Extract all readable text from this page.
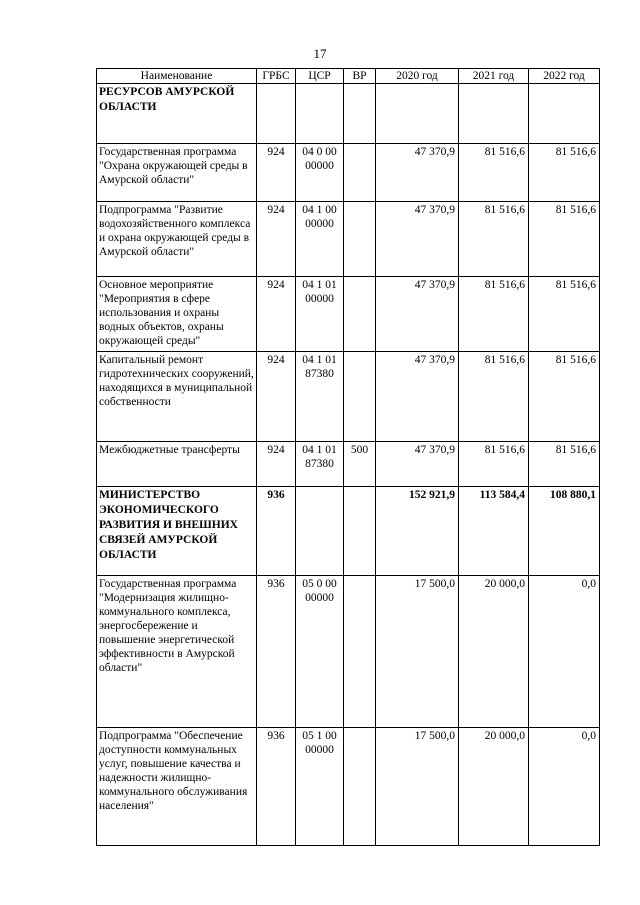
17
Наименование	ГРБС	ЦСР	ВР	2020 год	2021 год	2022 год
РЕСУРСОВ АМУРСКОЙ ОБЛАСТИ						
Государственная программа "Охрана окружающей среды в Амурской области"	924	04 0 00 00000		47 370,9	81 516,6	81 516,6
Подпрограмма "Развитие водохозяйственного комплекса и охрана окружающей среды в Амурской области"	924	04 1 00 00000		47 370,9	81 516,6	81 516,6
Основное мероприятие "Мероприятия в сфере использования и охраны водных объектов, охраны окружающей среды"	924	04 1 01 00000		47 370,9	81 516,6	81 516,6
Капитальный ремонт гидротехнических сооружений, находящихся в муниципальной собственности	924	04 1 01 87380		47 370,9	81 516,6	81 516,6
Межбюджетные трансферты	924	04 1 01 87380	500	47 370,9	81 516,6	81 516,6
МИНИСТЕРСТВО ЭКОНОМИЧЕСКОГО РАЗВИТИЯ И ВНЕШНИХ СВЯЗЕЙ АМУРСКОЙ ОБЛАСТИ	936			152 921,9	113 584,4	108 880,1
Государственная программа "Модернизация жилищно-коммунального комплекса, энергосбережение и повышение энергетической эффективности в Амурской области"	936	05 0 00 00000		17 500,0	20 000,0	0,0
Подпрограмма "Обеспечение доступности коммунальных услуг, повышение качества и надежности жилищно-коммунального обслуживания населения"	936	05 1 00 00000		17 500,0	20 000,0	0,0
